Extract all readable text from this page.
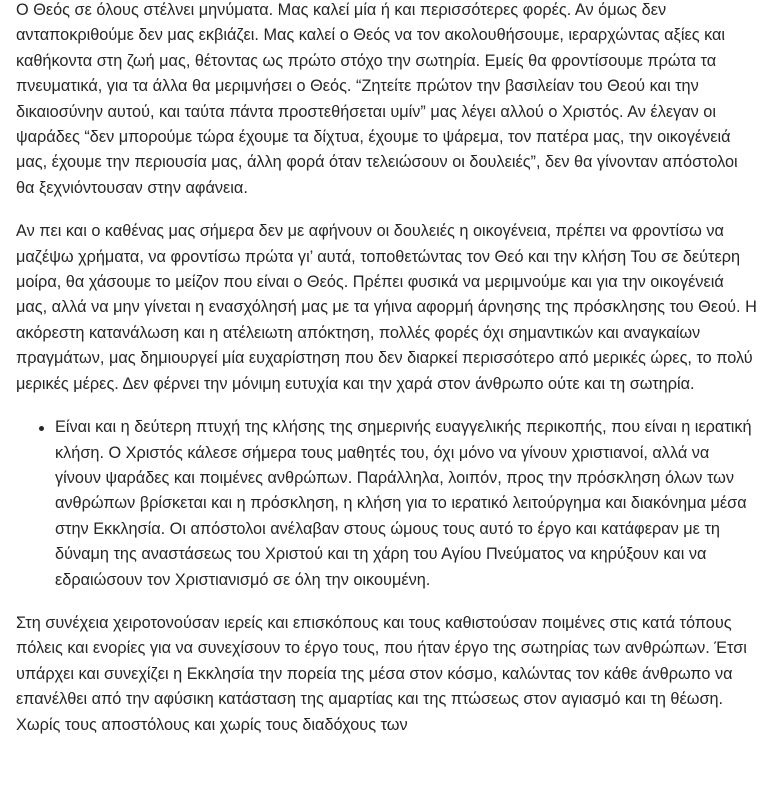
Ο Θεός σε όλους στέλνει μηνύματα. Μας καλεί μία ή και περισσότερες φορές. Αν όμως δεν ανταποκριθούμε δεν μας εκβιάζει. Μας καλεί ο Θεός να τον ακολουθήσουμε, ιεραρχώντας αξίες και καθήκοντα στη ζωή μας, θέτοντας ως πρώτο στόχο την σωτηρία. Εμείς θα φροντίσουμε πρώτα τα πνευματικά, για τα άλλα θα μεριμνήσει ο Θεός. “Ζητείτε πρώτον την βασιλείαν του Θεού και την δικαιοσύνην αυτού, και ταύτα πάντα προστεθήσεται υμίν” μας λέγει αλλού ο Χριστός. Αν έλεγαν οι ψαράδες “δεν μπορούμε τώρα έχουμε τα δίχτυα, έχουμε το ψάρεμα, τον πατέρα μας, την οικογένειά μας, έχουμε την περιουσία μας, άλλη φορά όταν τελειώσουν οι δουλειές”, δεν θα γίνονταν απόστολοι θα ξεχνιόντουσαν στην αφάνεια.

Αν πει και ο καθένας μας σήμερα δεν με αφήνουν οι δουλειές η οικογένεια, πρέπει να φροντίσω να μαζέψω χρήματα, να φροντίσω πρώτα γι’ αυτά, τοποθετώντας τον Θεό και την κλήση Του σε δεύτερη μοίρα, θα χάσουμε το μείζον που είναι ο Θεός. Πρέπει φυσικά να μεριμνούμε και για την οικογένειά μας, αλλά να μην γίνεται η ενασχόλησή μας με τα γήινα αφορμή άρνησης της πρόσκλησης του Θεού. Η ακόρεστη κατανάλωση και η ατέλειωτη απόκτηση, πολλές φορές όχι σημαντικών και αναγκαίων πραγμάτων, μας δημιουργεί μία ευχαρίστηση που δεν διαρκεί περισσότερο από μερικές ώρες, το πολύ μερικές μέρες. Δεν φέρνει την μόνιμη ευτυχία και την χαρά στον άνθρωπο ούτε και τη σωτηρία.

Είναι και η δεύτερη πτυχή της κλήσης της σημερινής ευαγγελικής περικοπής, που είναι η ιερατική κλήση. Ο Χριστός κάλεσε σήμερα τους μαθητές του, όχι μόνο να γίνουν χριστιανοί, αλλά να γίνουν ψαράδες και ποιμένες ανθρώπων. Παράλληλα, λοιπόν, προς την πρόσκληση όλων των ανθρώπων βρίσκεται και η πρόσκληση, η κλήση για το ιερατικό λειτούργημα και διακόνημα μέσα στην Εκκλησία. Οι απόστολοι ανέλαβαν στους ώμους τους αυτό το έργο και κατάφεραν με τη δύναμη της αναστάσεως του Χριστού και τη χάρη του Αγίου Πνεύματος να κηρύξουν και να εδραιώσουν τον Χριστιανισμό σε όλη την οικουμένη.

Στη συνέχεια χειροτονούσαν ιερείς και επισκόπους και τους καθιστούσαν ποιμένες στις κατά τόπους πόλεις και ενορίες για να συνεχίσουν το έργο τους, που ήταν έργο της σωτηρίας των ανθρώπων. Έτσι υπάρχει και συνεχίζει η Εκκλησία την πορεία της μέσα στον κόσμο, καλώντας τον κάθε άνθρωπο να επανέλθει από την αφύσικη κατάσταση της αμαρτίας και της πτώσεως στον αγιασμό και τη θέωση. Χωρίς τους αποστόλους και χωρίς τους διαδόχους των
